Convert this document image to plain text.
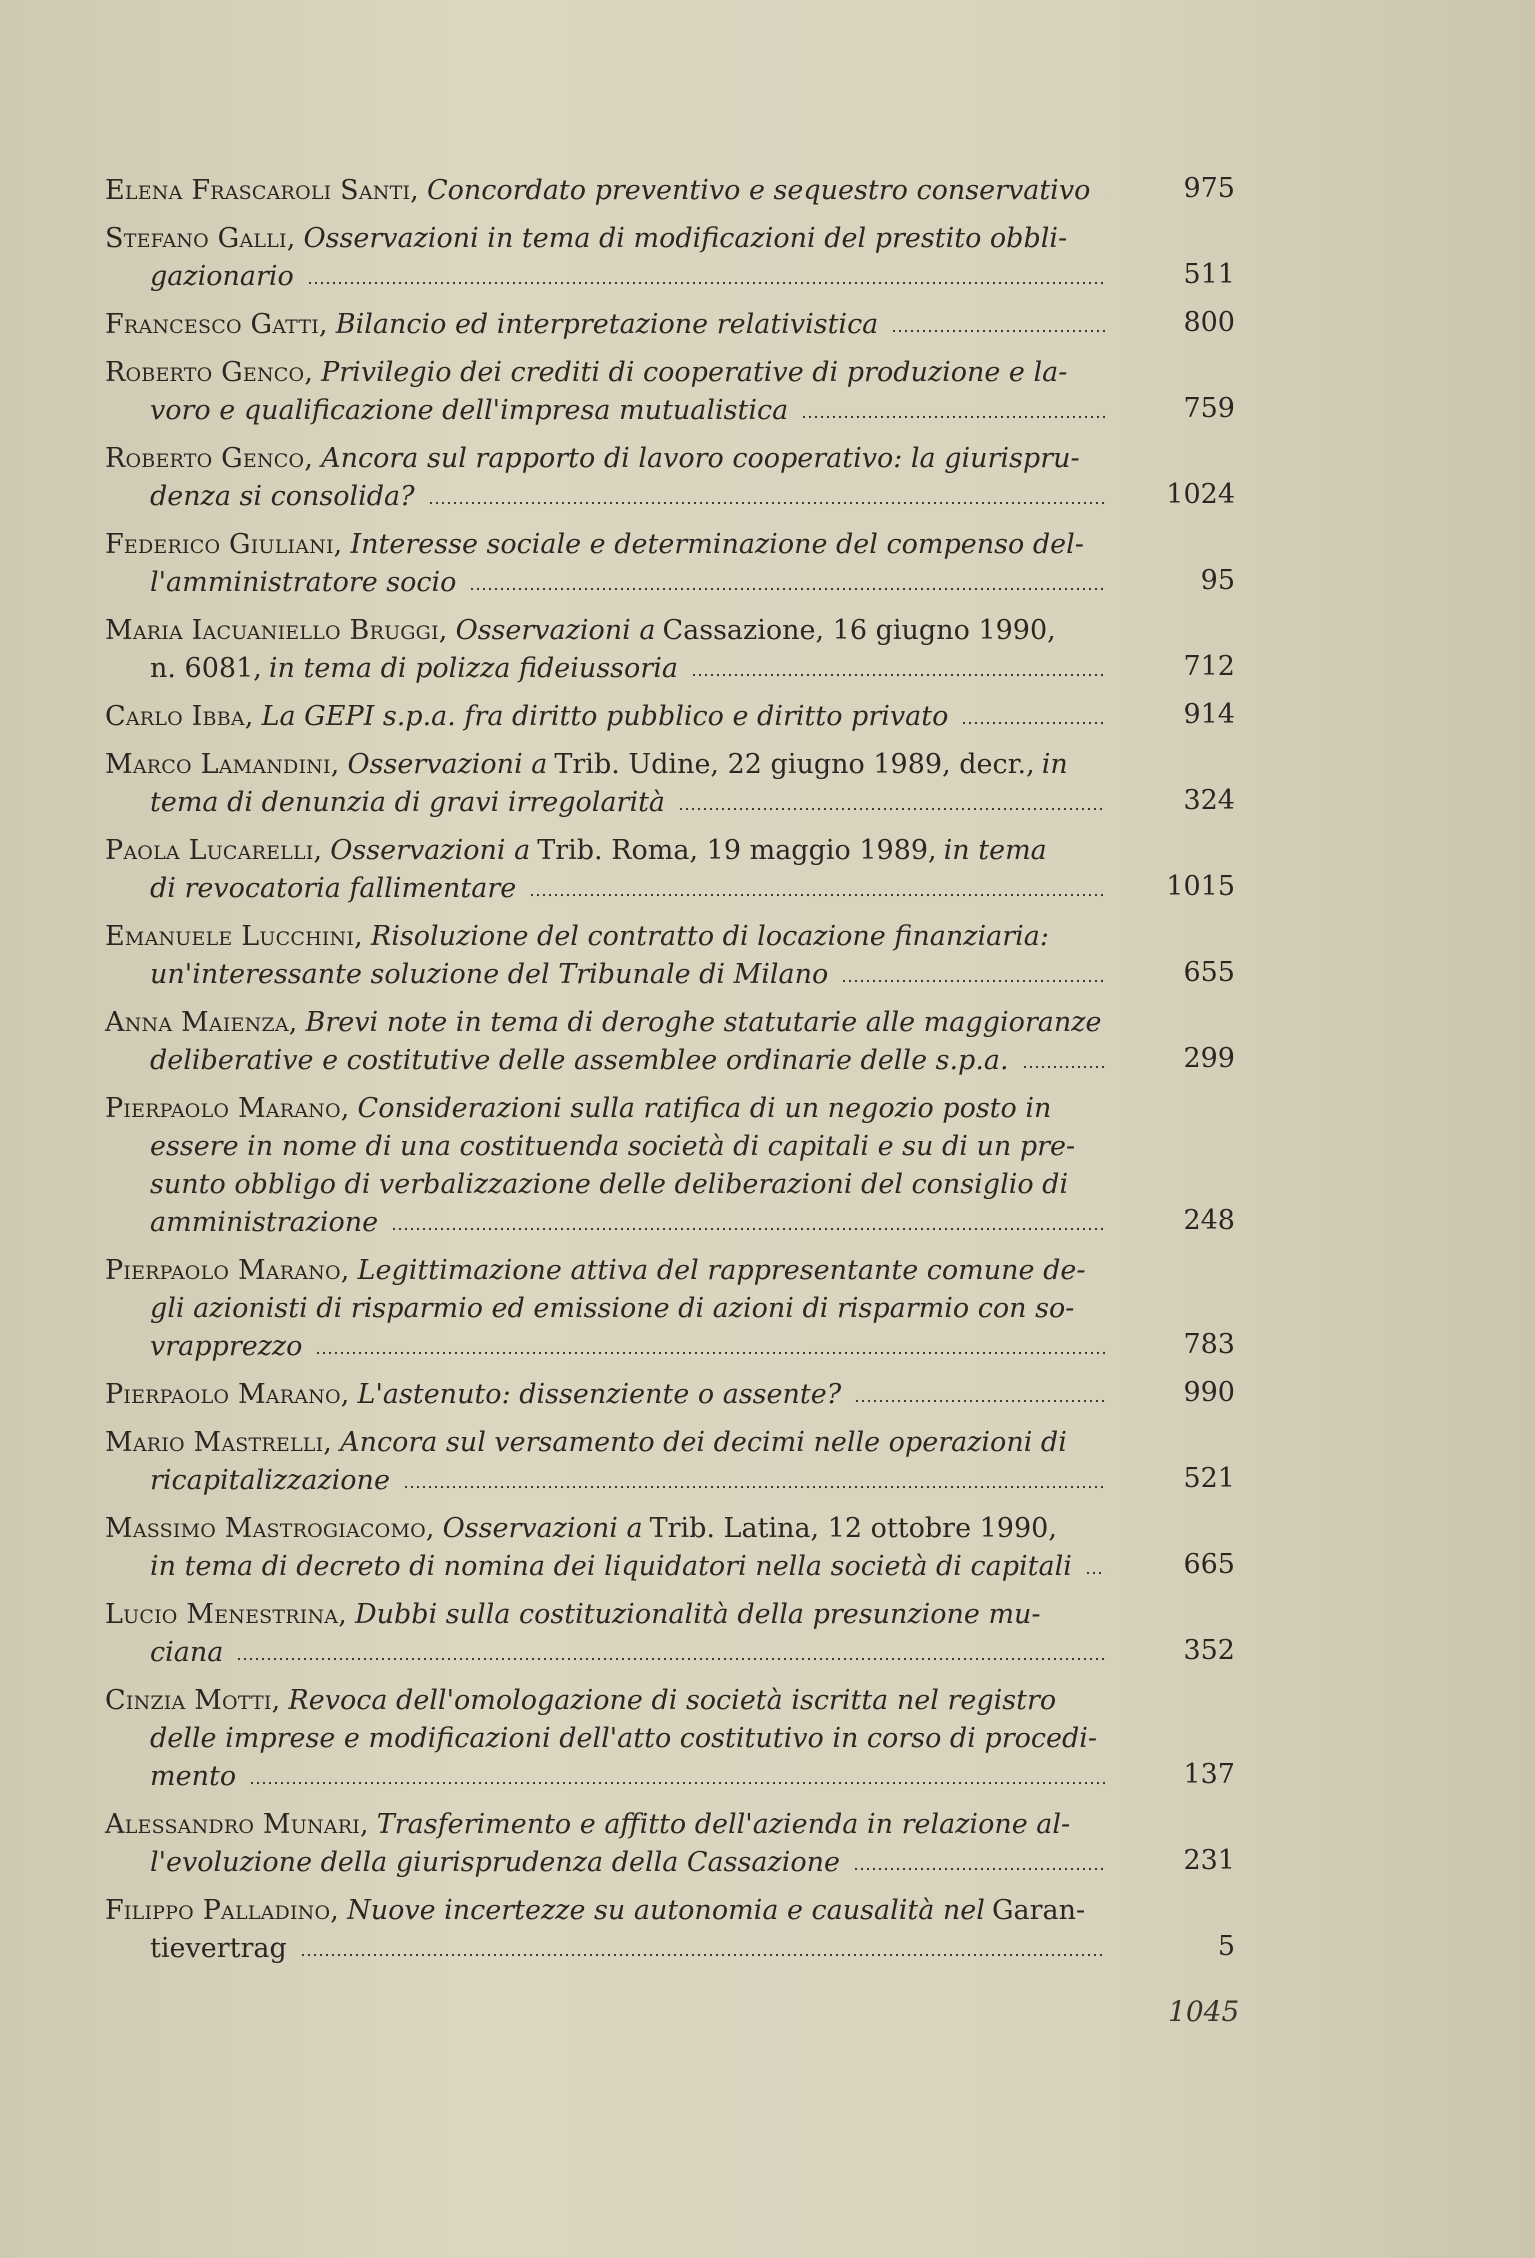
Elena Frascaroli Santi, Concordato preventivo e sequestro conservativo	975
Stefano Galli, Osservazioni in tema di modificazioni del prestito obbli-
gazionario	511
Francesco Gatti, Bilancio ed interpretazione relativistica	800
Roberto Genco, Privilegio dei crediti di cooperative di produzione e la-
voro e qualificazione dell'impresa mutualistica	759
Roberto Genco, Ancora sul rapporto di lavoro cooperativo: la giurispru-
denza si consolida?	1024
Federico Giuliani, Interesse sociale e determinazione del compenso del-
l'amministratore socio	95
Maria Iacuaniello Bruggi, Osservazioni a Cassazione, 16 giugno 1990,
n. 6081, in tema di polizza fideiussoria	712
Carlo Ibba, La GEPI s.p.a. fra diritto pubblico e diritto privato	914
Marco Lamandini, Osservazioni a Trib. Udine, 22 giugno 1989, decr., in
tema di denunzia di gravi irregolarità	324
Paola Lucarelli, Osservazioni a Trib. Roma, 19 maggio 1989, in tema
di revocatoria fallimentare	1015
Emanuele Lucchini, Risoluzione del contratto di locazione finanziaria:
un'interessante soluzione del Tribunale di Milano	655
Anna Maienza, Brevi note in tema di deroghe statutarie alle maggioranze
deliberative e costitutive delle assemblee ordinarie delle s.p.a.	299
Pierpaolo Marano, Considerazioni sulla ratifica di un negozio posto in
essere in nome di una costituenda società di capitali e su di un pre-
sunto obbligo di verbalizzazione delle deliberazioni del consiglio di
amministrazione	248
Pierpaolo Marano, Legittimazione attiva del rappresentante comune de-
gli azionisti di risparmio ed emissione di azioni di risparmio con so-
vrapprezzo	783
Pierpaolo Marano, L'astenuto: dissenziente o assente?	990
Mario Mastrelli, Ancora sul versamento dei decimi nelle operazioni di
ricapitalizzazione	521
Massimo Mastrogiacomo, Osservazioni a Trib. Latina, 12 ottobre 1990,
in tema di decreto di nomina dei liquidatori nella società di capitali	665
Lucio Menestrina, Dubbi sulla costituzionalità della presunzione mu-
ciana	352
Cinzia Motti, Revoca dell'omologazione di società iscritta nel registro
delle imprese e modificazioni dell'atto costitutivo in corso di procedi-
mento	137
Alessandro Munari, Trasferimento e affitto dell'azienda in relazione al-
l'evoluzione della giurisprudenza della Cassazione	231
Filippo Palladino, Nuove incertezze su autonomia e causalità nel Garan-
tievertrag	5
1045
